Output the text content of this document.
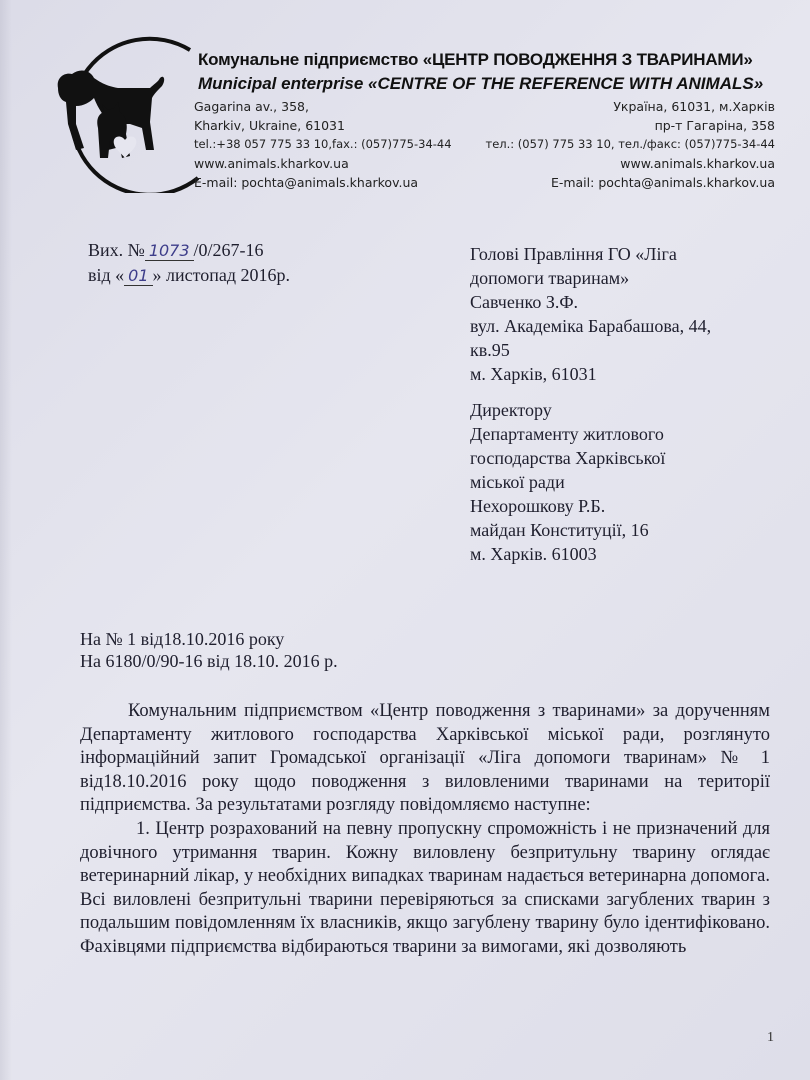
Комунальне підприємство «ЦЕНТР ПОВОДЖЕННЯ З ТВАРИНАМИ»
Municipal enterprise «CENTRE OF THE REFERENCE WITH ANIMALS»
Gagarina av., 358,
Kharkiv, Ukraine, 61031
tel.:+38 057 775 33 10,fax.: (057)775-34-44
www.animals.kharkov.ua
E-mail: pochta@animals.kharkov.ua
Україна, 61031, м.Харків
пр-т Гагаріна, 358
тел.: (057) 775 33 10, тел./факс: (057)775-34-44
www.animals.kharkov.ua
E-mail: pochta@animals.kharkov.ua
Вих. № 1073 /0/267-16
від « 01 » листопад 2016р.
Голові Правління ГО «Ліга
допомоги тваринам»
Савченко З.Ф.
вул. Академіка Барабашова, 44,
кв.95
м. Харків, 61031
Директору
Департаменту житлового
господарства Харківської
міської ради
Нехорошкову Р.Б.
майдан Конституції, 16
м. Харків. 61003
На № 1 від18.10.2016 року
На 6180/0/90-16 від 18.10. 2016 р.

Комунальним підприємством «Центр поводження з тваринами» за дорученням Департаменту житлового господарства Харківської міської ради, розглянуто інформаційний запит Громадської організації «Ліга допомоги тваринам» № 1 від18.10.2016 року щодо поводження з виловленими тваринами на території підприємства. За результатами розгляду повідомляємо наступне:

1. Центр розрахований на певну пропускну спроможність і не призначений для довічного утримання тварин. Кожну виловлену безпритульну тварину оглядає ветеринарний лікар, у необхідних випадках тваринам надається ветеринарна допомога. Всі виловлені безпритульні тварини перевіряються за списками загублених тварин з подальшим повідомленням їх власників, якщо загублену тварину було ідентифіковано. Фахівцями підприємства відбираються тварини за вимогами, які дозволяють

1
